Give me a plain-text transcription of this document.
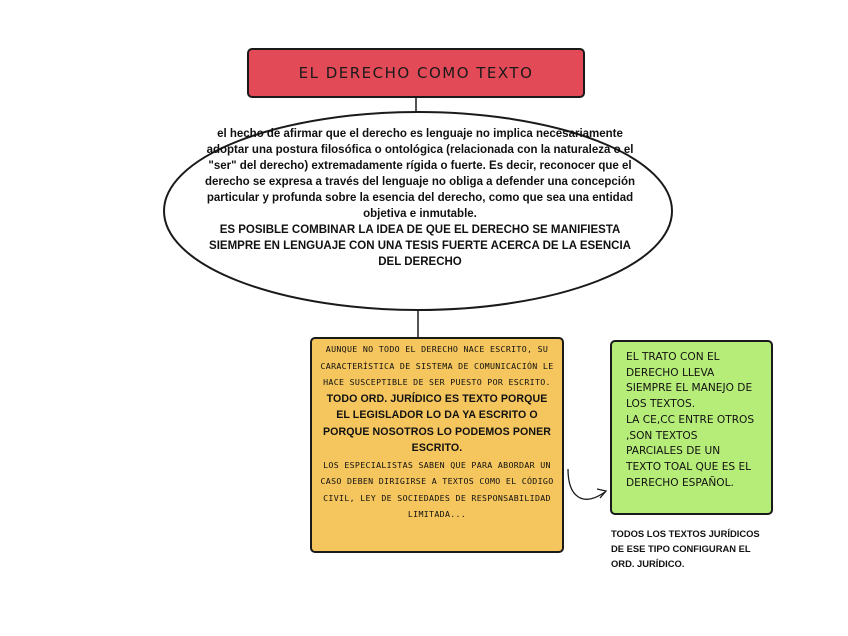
EL DERECHO COMO TEXTO
el hecho de afirmar que el derecho es lenguaje no implica necesariamente adoptar una postura filosófica o ontológica (relacionada con la naturaleza o el "ser" del derecho) extremadamente rígida o fuerte. Es decir, reconocer que el derecho se expresa a través del lenguaje no obliga a defender una concepción particular y profunda sobre la esencia del derecho, como que sea una entidad objetiva e inmutable.
ES POSIBLE COMBINAR LA IDEA DE QUE EL DERECHO SE MANIFIESTA SIEMPRE EN LENGUAJE CON UNA TESIS FUERTE ACERCA DE LA ESENCIA DEL DERECHO
AUNQUE NO TODO EL DERECHO NACE ESCRITO, SU CARACTERÍSTICA DE SISTEMA DE COMUNICACIÓN LE HACE SUSCEPTIBLE DE SER PUESTO POR ESCRITO.
TODO ORD. JURÍDICO ES TEXTO PORQUE EL LEGISLADOR LO DA YA ESCRITO O PORQUE NOSOTROS LO PODEMOS PONER ESCRITO.
LOS ESPECIALISTAS SABEN QUE PARA ABORDAR UN CASO DEBEN DIRIGIRSE A TEXTOS COMO EL CÓDIGO CIVIL, LEY DE SOCIEDADES DE RESPONSABILIDAD LIMITADA...
EL TRATO CON EL DERECHO LLEVA SIEMPRE EL MANEJO DE LOS TEXTOS.
LA CE,CC ENTRE OTROS ,SON TEXTOS PARCIALES DE UN TEXTO TOAL QUE ES EL DERECHO ESPAÑOL.
TODOS LOS TEXTOS JURÍDICOS
DE ESE TIPO CONFIGURAN EL
ORD. JURÍDICO.
